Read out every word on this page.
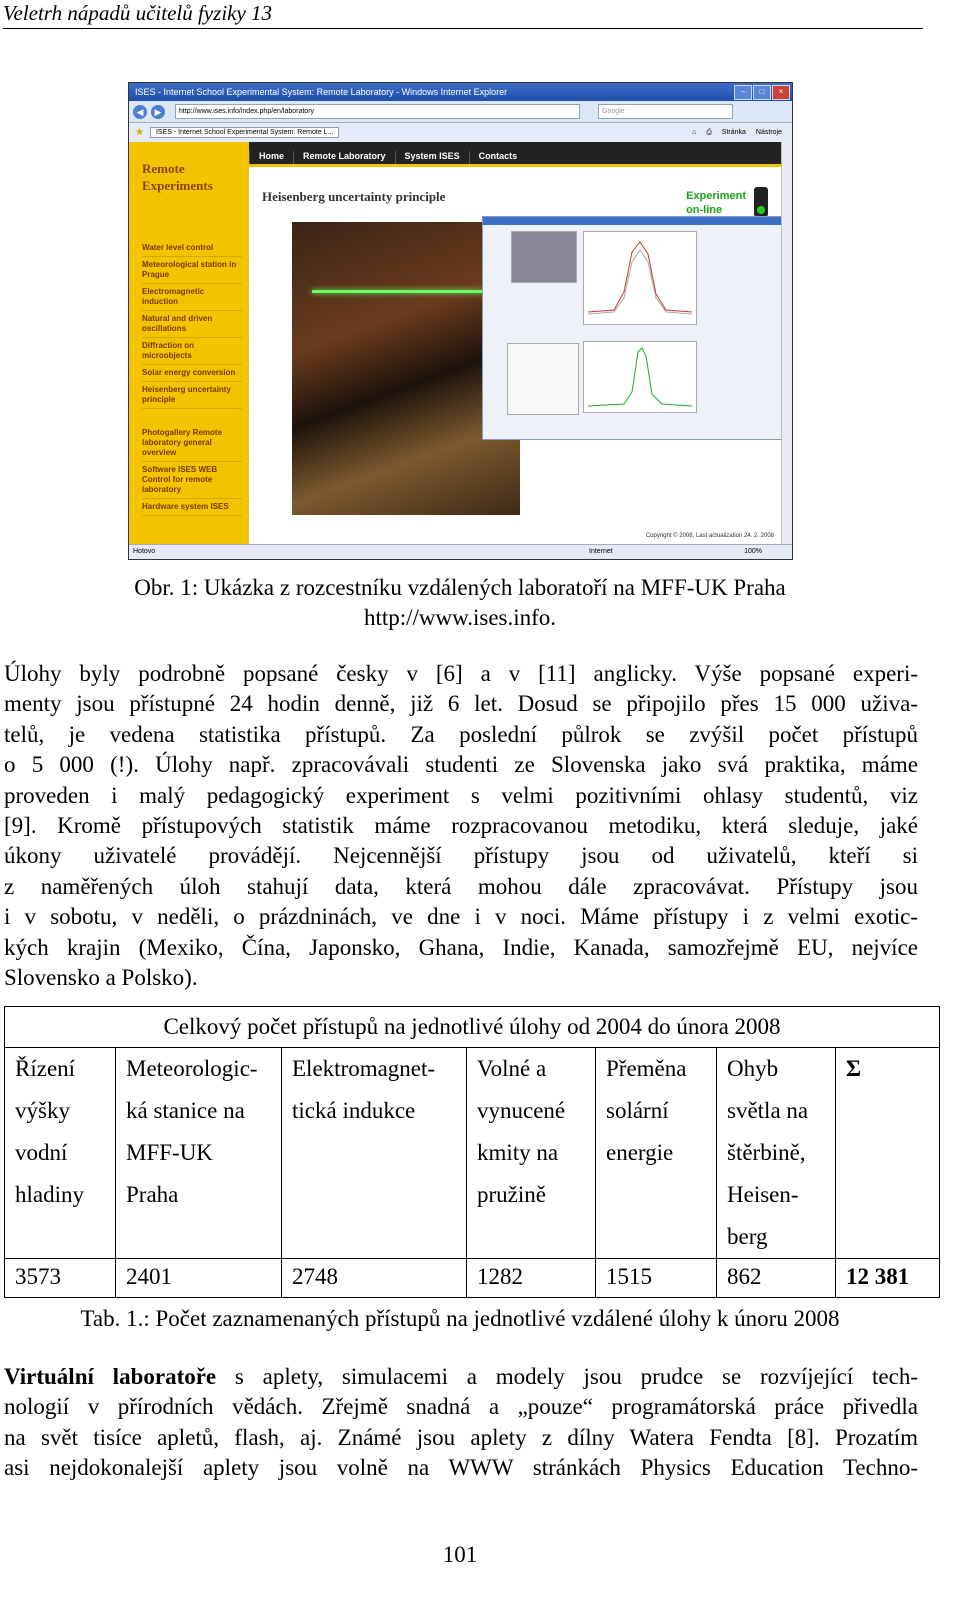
Veletrh nápadů učitelů fyziky 13
ISES - Internet School Experimental System: Remote Laboratory - Windows Internet Explorer	–	□	×
◀	▶	http://www.ises.info/index.php/en/laboratory	Google
★	ISES - Internet School Experimental System: Remote L...	⌂ ⎙ Stránka Nástroje
Remote Experiments
Water level control
Meteorological station in Prague
Electromagnetic induction
Natural and driven oscillations
Diffraction on microobjects
Solar energy conversion
Heisenberg uncertainty principle
Photogallery Remote laboratory general overview
Software ISES WEB Control for remote laboratory
Hardware system ISES
Home	Remote Laboratory	System ISES	Contacts
Heisenberg uncertainty principle	Experiment
on-line
Copyright © 2008, Last actualization 24. 2. 2008
Hotovo	Internet	100%
Obr. 1: Ukázka z rozcestníku vzdálených laboratoří na MFF-UK Praha
http://www.ises.info.
Úlohy byly podrobně popsané česky v [6] a v [11] anglicky. Výše popsané experi-
menty jsou přístupné 24 hodin denně, již 6 let. Dosud se připojilo přes 15 000 uživa-
telů, je vedena statistika přístupů. Za poslední půlrok se zvýšil počet přístupů
o 5 000 (!). Úlohy např. zpracovávali studenti ze Slovenska jako svá praktika, máme
proveden i malý pedagogický experiment s velmi pozitivními ohlasy studentů, viz
[9]. Kromě přístupových statistik máme rozpracovanou metodiku, která sleduje, jaké
úkony uživatelé provádějí. Nejcennější přístupy jsou od uživatelů, kteří si
z naměřených úloh stahují data, která mohou dále zpracovávat. Přístupy jsou
i v sobotu, v neděli, o prázdninách, ve dne i v noci. Máme přístupy i z velmi exotic-
kých krajin (Mexiko, Čína, Japonsko, Ghana, Indie, Kanada, samozřejmě EU, nejvíce
Slovensko a Polsko).
Celkový počet přístupů na jednotlivé úlohy od 2004 do února 2008						
Řízení výšky vodní hladiny	Meteorologic-ká stanice na MFF-UK Praha	Elektromagnet-tická indukce	Volné a vynucené kmity na pružině	Přeměna solární energie	Ohyb světla na štěrbině, Heisen-berg	Σ
3573	2401	2748	1282	1515	862	12 381
Tab. 1.: Počet zaznamenaných přístupů na jednotlivé vzdálené úlohy k únoru 2008
Virtuální laboratoře s aplety, simulacemi a modely jsou prudce se rozvíjející tech-
nologií v přírodních vědách. Zřejmě snadná a „pouze“ programátorská práce přivedla
na svět tisíce apletů, flash, aj. Známé jsou aplety z dílny Watera Fendta [8]. Prozatím
asi nejdokonalejší aplety jsou volně na WWW stránkách Physics Education Techno-
101
